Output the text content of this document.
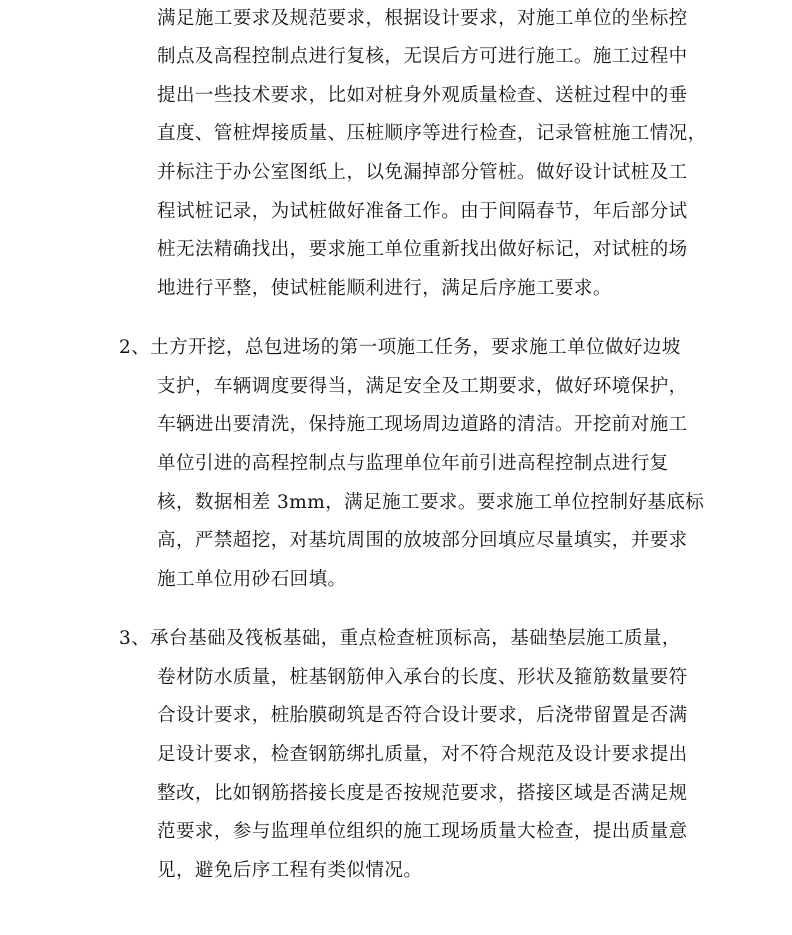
满足施工要求及规范要求，根据设计要求，对施工单位的坐标控
制点及高程控制点进行复核，无误后方可进行施工。施工过程中
提出一些技术要求，比如对桩身外观质量检查、送桩过程中的垂
直度、管桩焊接质量、压桩顺序等进行检查，记录管桩施工情况，
并标注于办公室图纸上，以免漏掉部分管桩。做好设计试桩及工
程试桩记录，为试桩做好准备工作。由于间隔春节，年后部分试
桩无法精确找出，要求施工单位重新找出做好标记，对试桩的场
地进行平整，使试桩能顺利进行，满足后序施工要求。
2、土方开挖，总包进场的第一项施工任务，要求施工单位做好边坡
支护，车辆调度要得当，满足安全及工期要求，做好环境保护，
车辆进出要清洗，保持施工现场周边道路的清洁。开挖前对施工
单位引进的高程控制点与监理单位年前引进高程控制点进行复
核，数据相差 3mm，满足施工要求。要求施工单位控制好基底标
高，严禁超挖，对基坑周围的放坡部分回填应尽量填实，并要求
施工单位用砂石回填。
3、承台基础及筏板基础，重点检查桩顶标高，基础垫层施工质量，
卷材防水质量，桩基钢筋伸入承台的长度、形状及箍筋数量要符
合设计要求，桩胎膜砌筑是否符合设计要求，后浇带留置是否满
足设计要求，检查钢筋绑扎质量，对不符合规范及设计要求提出
整改，比如钢筋搭接长度是否按规范要求，搭接区域是否满足规
范要求，参与监理单位组织的施工现场质量大检查，提出质量意
见，避免后序工程有类似情况。
